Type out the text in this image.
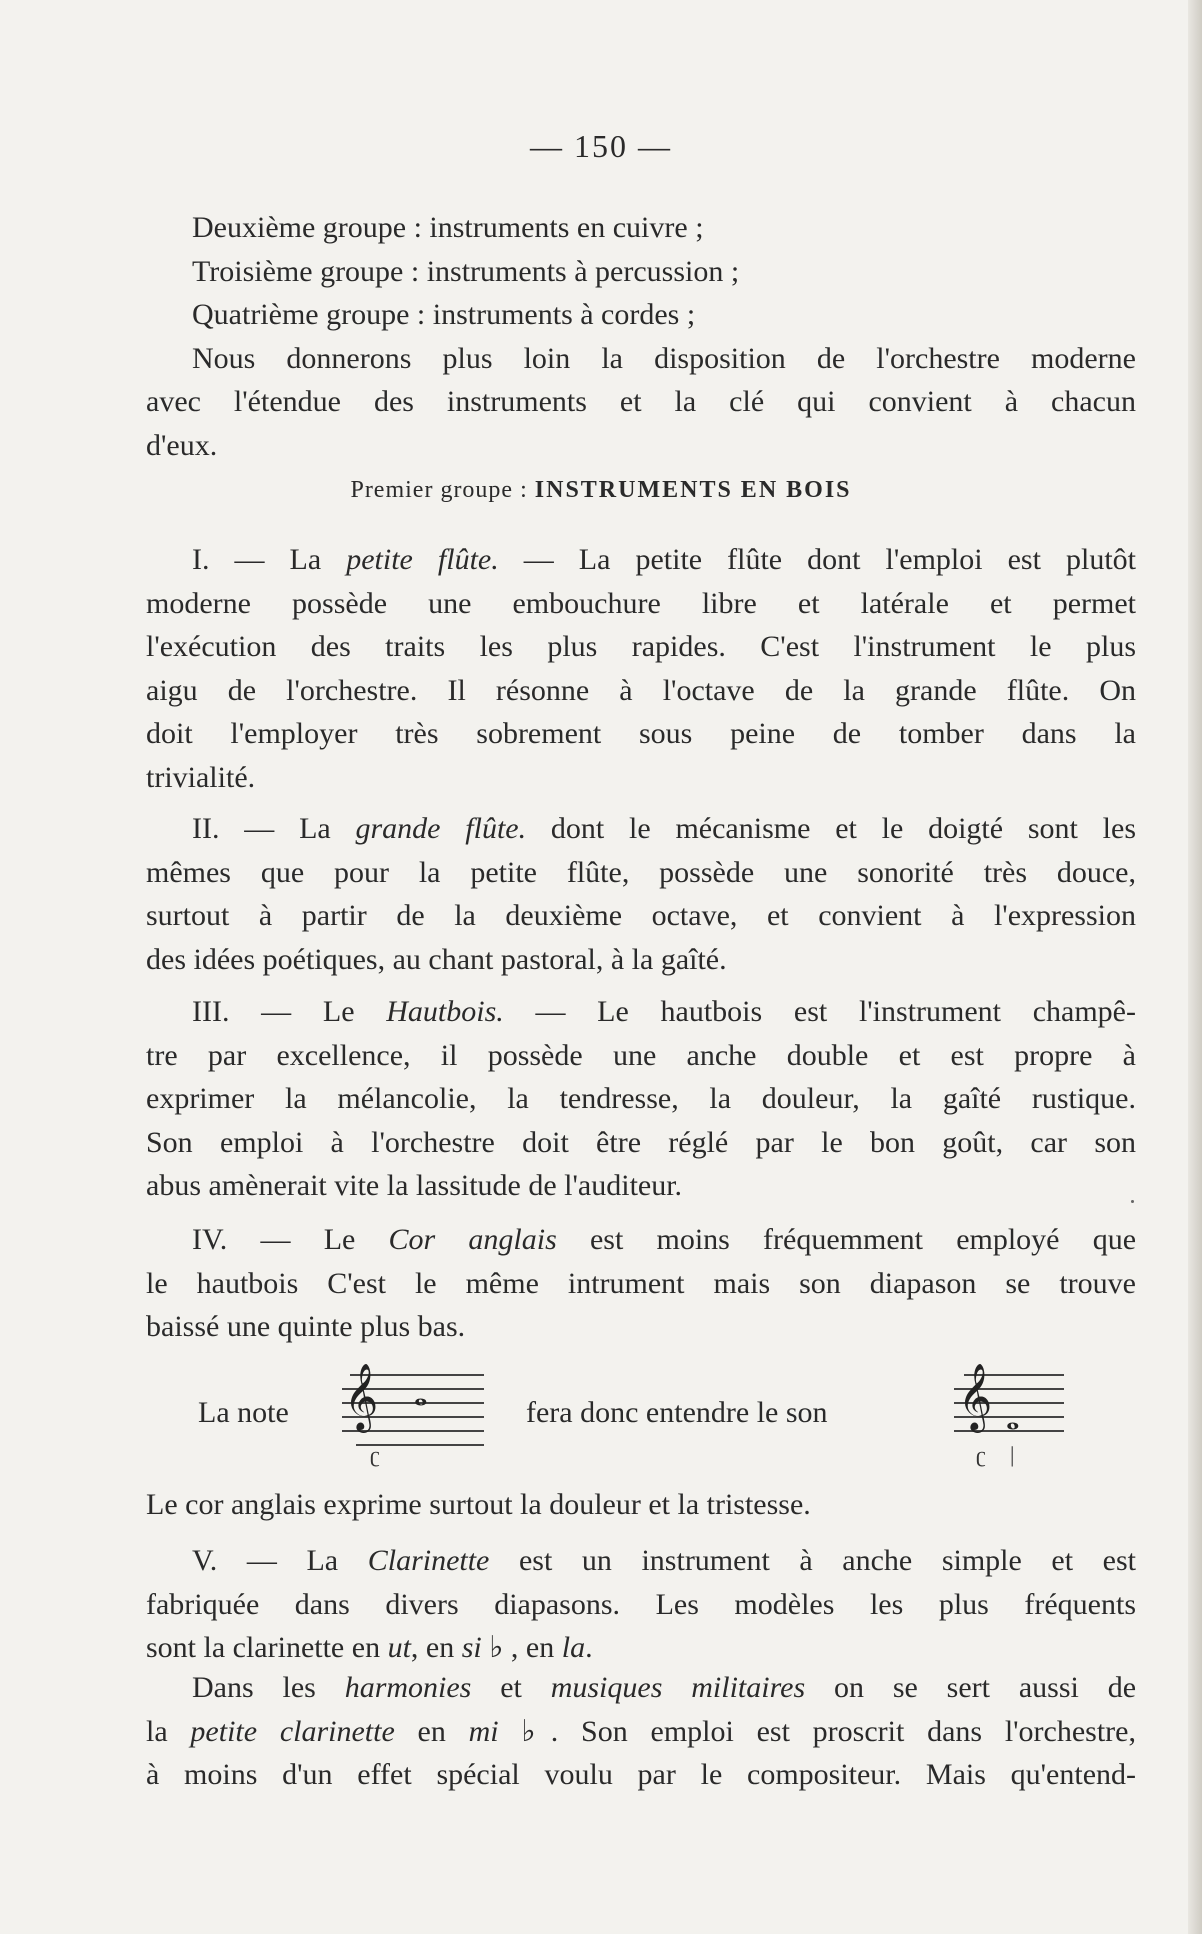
— 150 —
Deuxième groupe : instruments en cuivre ;
Troisième groupe : instruments à percussion ;
Quatrième groupe : instruments à cordes ;
Nous donnerons plus loin la disposition de l'orchestre moderne
avec l'étendue des instruments et la clé qui convient à chacun
d'eux.
Premier groupe : INSTRUMENTS EN BOIS
I. — La petite flûte. — La petite flûte dont l'emploi est plutôt
moderne possède une embouchure libre et latérale et permet
l'exécution des traits les plus rapides. C'est l'instrument le plus
aigu de l'orchestre. Il résonne à l'octave de la grande flûte. On
doit l'employer très sobrement sous peine de tomber dans la
trivialité.
II. — La grande flûte. dont le mécanisme et le doigté sont les
mêmes que pour la petite flûte, possède une sonorité très douce,
surtout à partir de la deuxième octave, et convient à l'expression
des idées poétiques, au chant pastoral, à la gaîté.
III. — Le Hautbois. — Le hautbois est l'instrument champê-
tre par excellence, il possède une anche double et est propre à
exprimer la mélancolie, la tendresse, la douleur, la gaîté rustique.
Son emploi à l'orchestre doit être réglé par le bon goût, car son
abus amènerait vite la lassitude de l'auditeur.
IV. — Le Cor anglais est moins fréquemment employé que
le hautbois C'est le même intrument mais son diapason se trouve
baissé une quinte plus bas.
La note 𝄞 𝅝
ʗ
fera donc entendre le son 𝄞 𝅝
ʗ |
Le cor anglais exprime surtout la douleur et la tristesse.
V. — La Clarinette est un instrument à anche simple et est
fabriquée dans divers diapasons. Les modèles les plus fréquents
sont la clarinette en ut, en si ♭ , en la.
Dans les harmonies et musiques militaires on se sert aussi de
la petite clarinette en mi ♭. Son emploi est proscrit dans l'orchestre,
à moins d'un effet spécial voulu par le compositeur. Mais qu'entend-
